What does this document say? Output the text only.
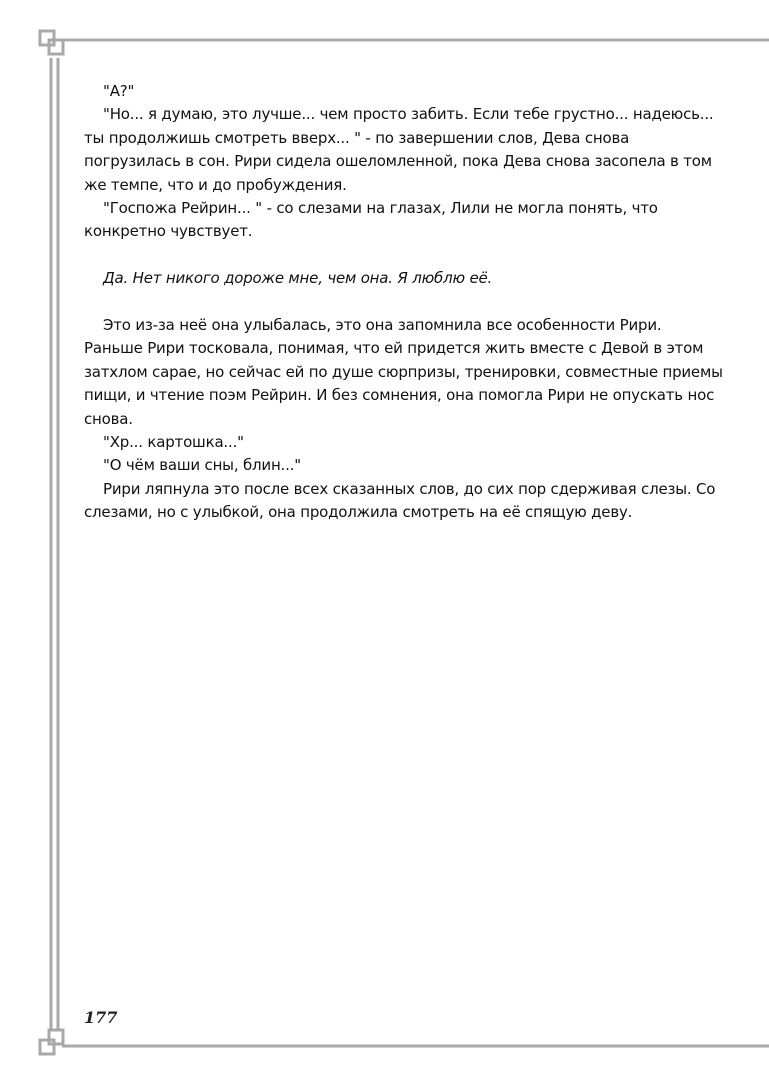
"А?"

"Но... я думаю, это лучше... чем просто забить. Если тебе грустно... надеюсь... ты продолжишь смотреть вверх... " - по завершении слов, Дева снова погрузилась в сон. Рири сидела ошеломленной, пока Дева снова засопела в том же темпе, что и до пробуждения.

"Госпожа Рейрин... " - со слезами на глазах, Лили не могла понять, что конкретно чувствует.

Да. Нет никого дороже мне, чем она. Я люблю её.

Это из-за неё она улыбалась, это она запомнила все особенности Рири. Раньше Рири тосковала, понимая, что ей придется жить вместе с Девой в этом затхлом сарае, но сейчас ей по душе сюрпризы, тренировки, совместные приемы пищи, и чтение поэм Рейрин. И без сомнения, она помогла Рири не опускать нос снова.

"Хр... картошка..."

"О чём ваши сны, блин..."

Рири ляпнула это после всех сказанных слов, до сих пор сдерживая слезы. Со слезами, но с улыбкой, она продолжила смотреть на её спящую деву.

177
